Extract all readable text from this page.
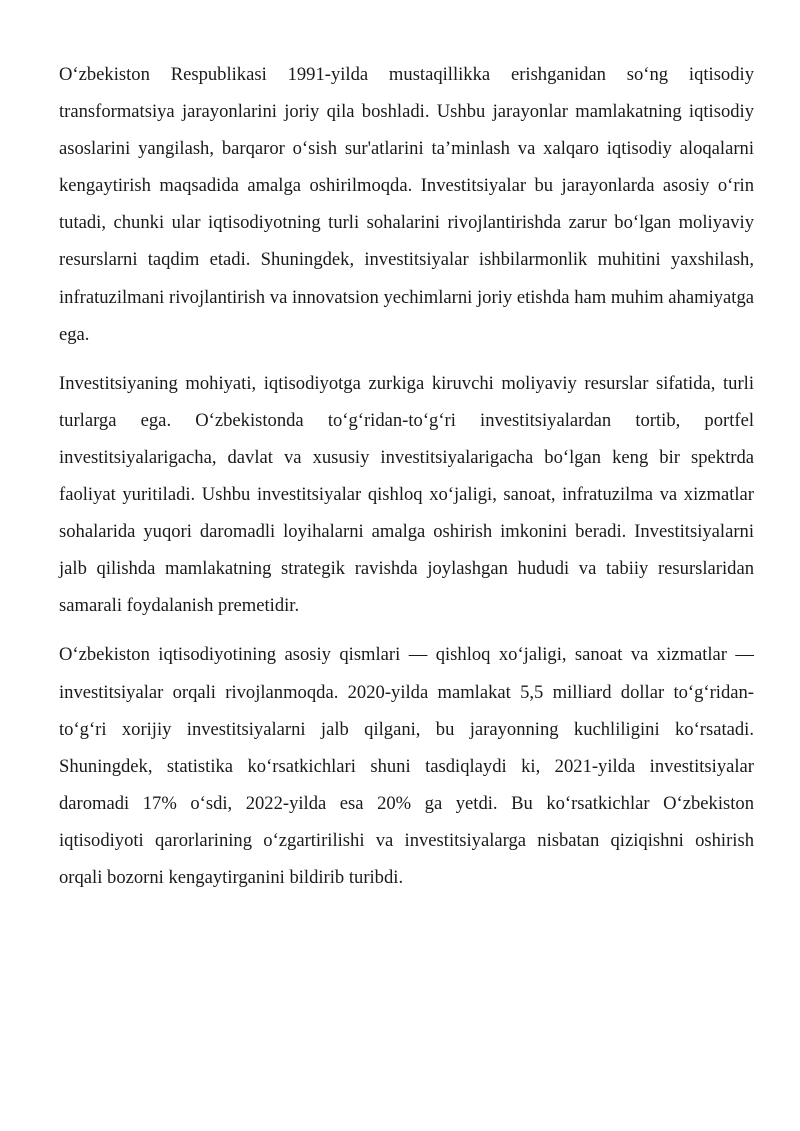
O‘zbekiston Respublikasi 1991-yilda mustaqillikka erishganidan so‘ng iqtisodiy transformatsiya jarayonlarini joriy qila boshladi. Ushbu jarayonlar mamlakatning iqtisodiy asoslarini yangilash, barqaror o‘sish sur'atlarini ta’minlash va xalqaro iqtisodiy aloqalarni kengaytirish maqsadida amalga oshirilmoqda. Investitsiyalar bu jarayonlarda asosiy o‘rin tutadi, chunki ular iqtisodiyotning turli sohalarini rivojlantirishda zarur bo‘lgan moliyaviy resurslarni taqdim etadi. Shuningdek, investitsiyalar ishbilarmonlik muhitini yaxshilash, infratuzilmani rivojlantirish va innovatsion yechimlarni joriy etishda ham muhim ahamiyatga ega.

Investitsiyaning mohiyati, iqtisodiyotga zurkiga kiruvchi moliyaviy resurslar sifatida, turli turlarga ega. O‘zbekistonda to‘g‘ridan-to‘g‘ri investitsiyalardan tortib, portfel investitsiyalarigacha, davlat va xususiy investitsiyalarigacha bo‘lgan keng bir spektrda faoliyat yuritiladi. Ushbu investitsiyalar qishloq xo‘jaligi, sanoat, infratuzilma va xizmatlar sohalarida yuqori daromadli loyihalarni amalga oshirish imkonini beradi. Investitsiyalarni jalb qilishda mamlakatning strategik ravishda joylashgan hududi va tabiiy resurslaridan samarali foydalanish premetidir.

O‘zbekiston iqtisodiyotining asosiy qismlari — qishloq xo‘jaligi, sanoat va xizmatlar — investitsiyalar orqali rivojlanmoqda. 2020-yilda mamlakat 5,5 milliard dollar to‘g‘ridan-to‘g‘ri xorijiy investitsiyalarni jalb qilgani, bu jarayonning kuchliligini ko‘rsatadi. Shuningdek, statistika ko‘rsatkichlari shuni tasdiqlaydi ki, 2021-yilda investitsiyalar daromadi 17% o‘sdi, 2022-yilda esa 20% ga yetdi. Bu ko‘rsatkichlar O‘zbekiston iqtisodiyoti qarorlarining o‘zgartirilishi va investitsiyalarga nisbatan qiziqishni oshirish orqali bozorni kengaytirganini bildirib turibdi.
